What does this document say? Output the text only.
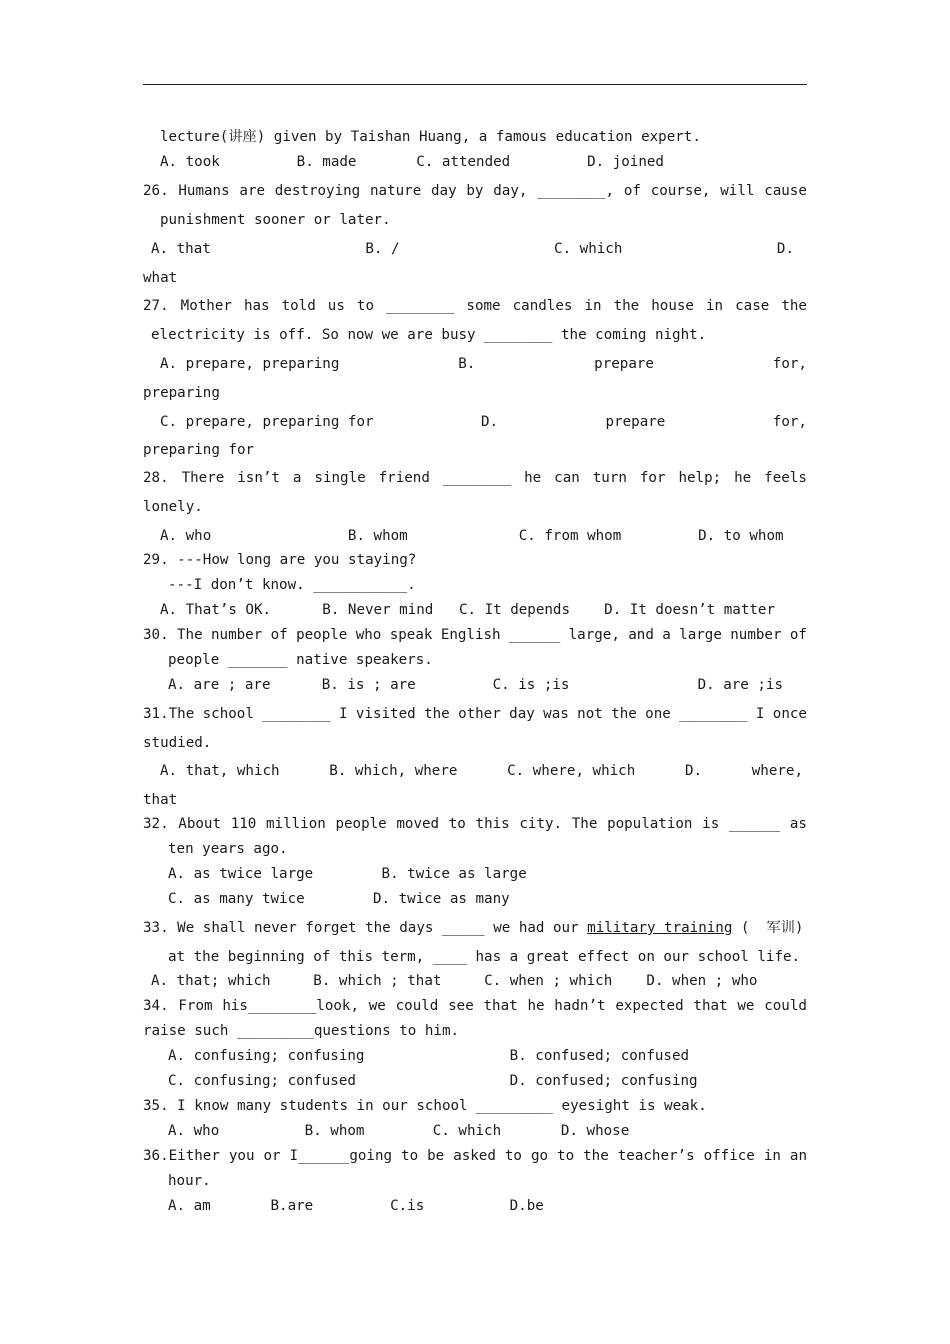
lecture(讲座) given by Taishan Huang, a famous education expert.
A. took         B. made       C. attended         D. joined
26. Humans are destroying nature day by day, ________, of course, will cause
punishment sooner or later.
A. that	B. /	C. which	D.
what
27. Mother has told us to ________ some candles in the house in case the
electricity is off. So now we are busy ________ the coming night.
A. prepare, preparing	B.	prepare	for,
preparing
C. prepare, preparing for	D.	prepare	for,
preparing for
28. There isn’t a single friend ________ he can turn for help; he feels
lonely.
A. who                B. whom             C. from whom         D. to whom
29. ---How long are you staying?
---I don’t know. ___________.
A. That’s OK.      B. Never mind   C. It depends    D. It doesn’t matter
30. The number of people who speak English ______ large, and a large number of
people _______ native speakers.
A. are ; are      B. is ; are         C. is ;is               D. are ;is
31.The school ________ I visited the other day was not the one ________ I once
studied.
A. that, which	B. which, where	C. where, which	D.	where,
that
32. About 110 million people moved to this city. The population is ______ as
ten years ago.
A. as twice large        B. twice as large
C. as many twice        D. twice as many
33. We shall never forget the days _____ we had our military training (  军训)
at the beginning of this term, ____ has a great effect on our school life.
A. that; which     B. which ; that     C. when ; which    D. when ; who
34. From his________look, we could see that he hadn’t expected that we could
raise such _________questions to him.
A. confusing; confusing                 B. confused; confused
C. confusing; confused                  D. confused; confusing
35. I know many students in our school _________ eyesight is weak.
A. who          B. whom        C. which       D. whose
36.Either you or I______going to be asked to go to the teacher’s office in an
hour.
A. am       B.are         C.is          D.be
